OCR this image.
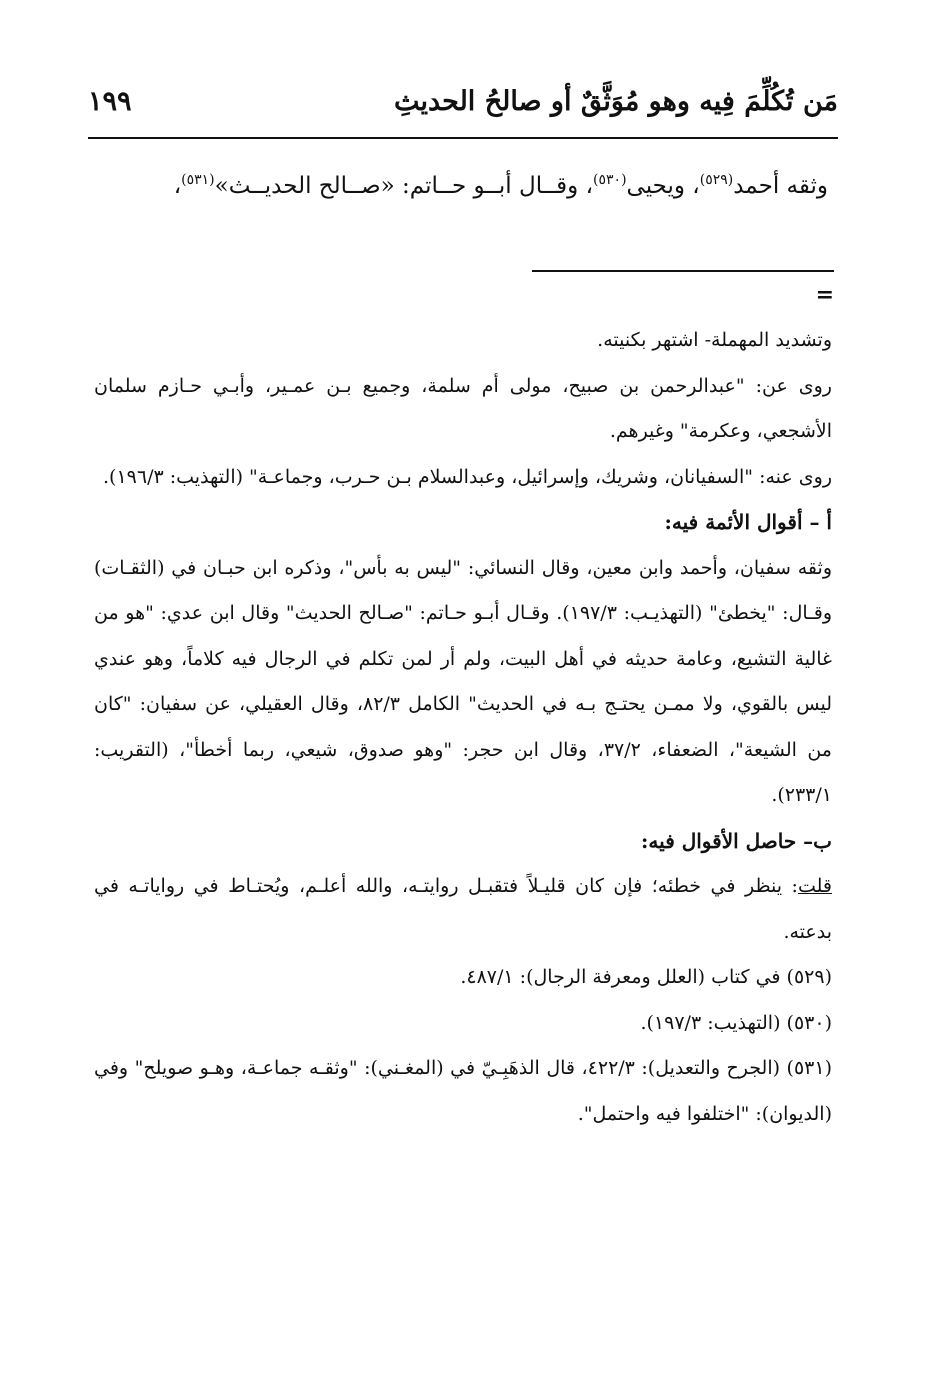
مَن تُكُلِّمَ فِيه وهو مُوَثَّقٌ أو صالحُ الحديثِ
١٩٩
وثقه أحمد$^{(٥٢٩)}$، ويحيى$^{(٥٣٠)}$، وقــال أبــو حــاتم: «صــالح الحديــث»$^{(٥٣١)}$،
=

وتشديد المهملة- اشتهر بكنيته.

روى عن: "عبدالرحمن بن صبيح، مولى أم سلمة، وجميع بـن عمـير، وأبـي حـازم سلمان الأشجعي، وعكرمة" وغيرهم.

روى عنه: "السفيانان، وشريك، وإسرائيل، وعبدالسلام بـن حـرب، وجماعـة" (التهذيب: ١٩٦/٣).

أ – أقوال الأئمة فيه:

وثقه سفيان، وأحمد وابن معين، وقال النسائي: "ليس به بأس"، وذكره ابن حبـان في (الثقـات) وقـال: "يخطئ" (التهذيـب: ١٩٧/٣). وقـال أبـو حـاتم: "صـالح الحديث" وقال ابن عدي: "هو من غالية التشيع، وعامة حديثه في أهل البيت، ولم أر لمن تكلم في الرجال فيه كلاماً، وهو عندي ليس بالقوي، ولا ممـن يحتـج بـه في الحديث" الكامل ٨٢/٣، وقال العقيلي، عن سفيان: "كان من الشيعة"، الضعفاء، ٣٧/٢، وقال ابن حجر: "وهو صدوق، شيعي، ربما أخطأ"، (التقريب: ٢٣٣/١).

ب– حاصل الأقوال فيه:

قلت: ينظر في خطئه؛ فإن كان قليـلاً فتقبـل روايتـه، والله أعلـم، ويُحتـاط في رواياتـه في بدعته.

(٥٢٩) في كتاب (العلل ومعرفة الرجال): ٤٨٧/١.

(٥٣٠) (التهذيب: ١٩٧/٣).

(٥٣١) (الجرح والتعديل): ٤٢٢/٣، قال الذهَبِـيّ في (المغـني): "وثقـه جماعـة، وهـو صويلح" وفي (الديوان): "اختلفوا فيه واحتمل".
